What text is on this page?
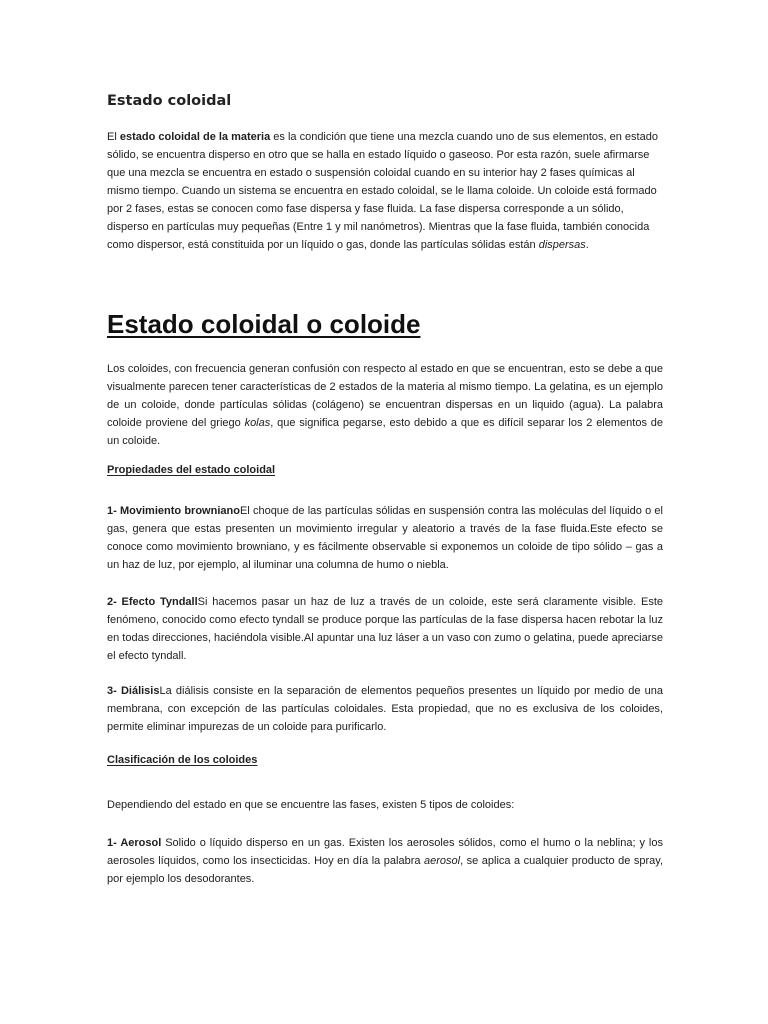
Estado coloidal

El estado coloidal de la materia es la condición que tiene una mezcla cuando uno de sus elementos, en estado sólido, se encuentra disperso en otro que se halla en estado líquido o gaseoso. Por esta razón, suele afirmarse que una mezcla se encuentra en estado o suspensión coloidal cuando en su interior hay 2 fases químicas al mismo tiempo. Cuando un sistema se encuentra en estado coloidal, se le llama coloide. Un coloide está formado por 2 fases, estas se conocen como fase dispersa y fase fluida. La fase dispersa corresponde a un sólido, disperso en partículas muy pequeñas (Entre 1 y mil nanómetros). Mientras que la fase fluida, también conocida como dispersor, está constituida por un líquido o gas, donde las partículas sólidas están dispersas.

Estado coloidal o coloide

Los coloides, con frecuencia generan confusión con respecto al estado en que se encuentran, esto se debe a que visualmente parecen tener características de 2 estados de la materia al mismo tiempo. La gelatina, es un ejemplo de un coloide, donde partículas sólidas (colágeno) se encuentran dispersas en un liquido (agua). La palabra coloide proviene del griego kolas, que significa pegarse, esto debido a que es difícil separar los 2 elementos de un coloide.

Propiedades del estado coloidal

1- Movimiento brownianoEl choque de las partículas sólidas en suspensión contra las moléculas del líquido o el gas, genera que estas presenten un movimiento irregular y aleatorio a través de la fase fluida.Este efecto se conoce como movimiento browniano, y es fácilmente observable si exponemos un coloide de tipo sólido – gas a un haz de luz, por ejemplo, al iluminar una columna de humo o niebla.

2- Efecto TyndallSi hacemos pasar un haz de luz a través de un coloide, este será claramente visible. Este fenómeno, conocido como efecto tyndall se produce porque las partículas de la fase dispersa hacen rebotar la luz en todas direcciones, haciéndola visible.Al apuntar una luz láser a un vaso con zumo o gelatina, puede apreciarse el efecto tyndall.

3- DiálisisLa diálisis consiste en la separación de elementos pequeños presentes un líquido por medio de una membrana, con excepción de las partículas coloidales. Esta propiedad, que no es exclusiva de los coloides, permite eliminar impurezas de un coloide para purificarlo.

Clasificación de los coloides

Dependiendo del estado en que se encuentre las fases, existen 5 tipos de coloides:

1- Aerosol Solido o líquido disperso en un gas. Existen los aerosoles sólidos, como el humo o la neblina; y los aerosoles líquidos, como los insecticidas. Hoy en día la palabra aerosol, se aplica a cualquier producto de spray, por ejemplo los desodorantes.
